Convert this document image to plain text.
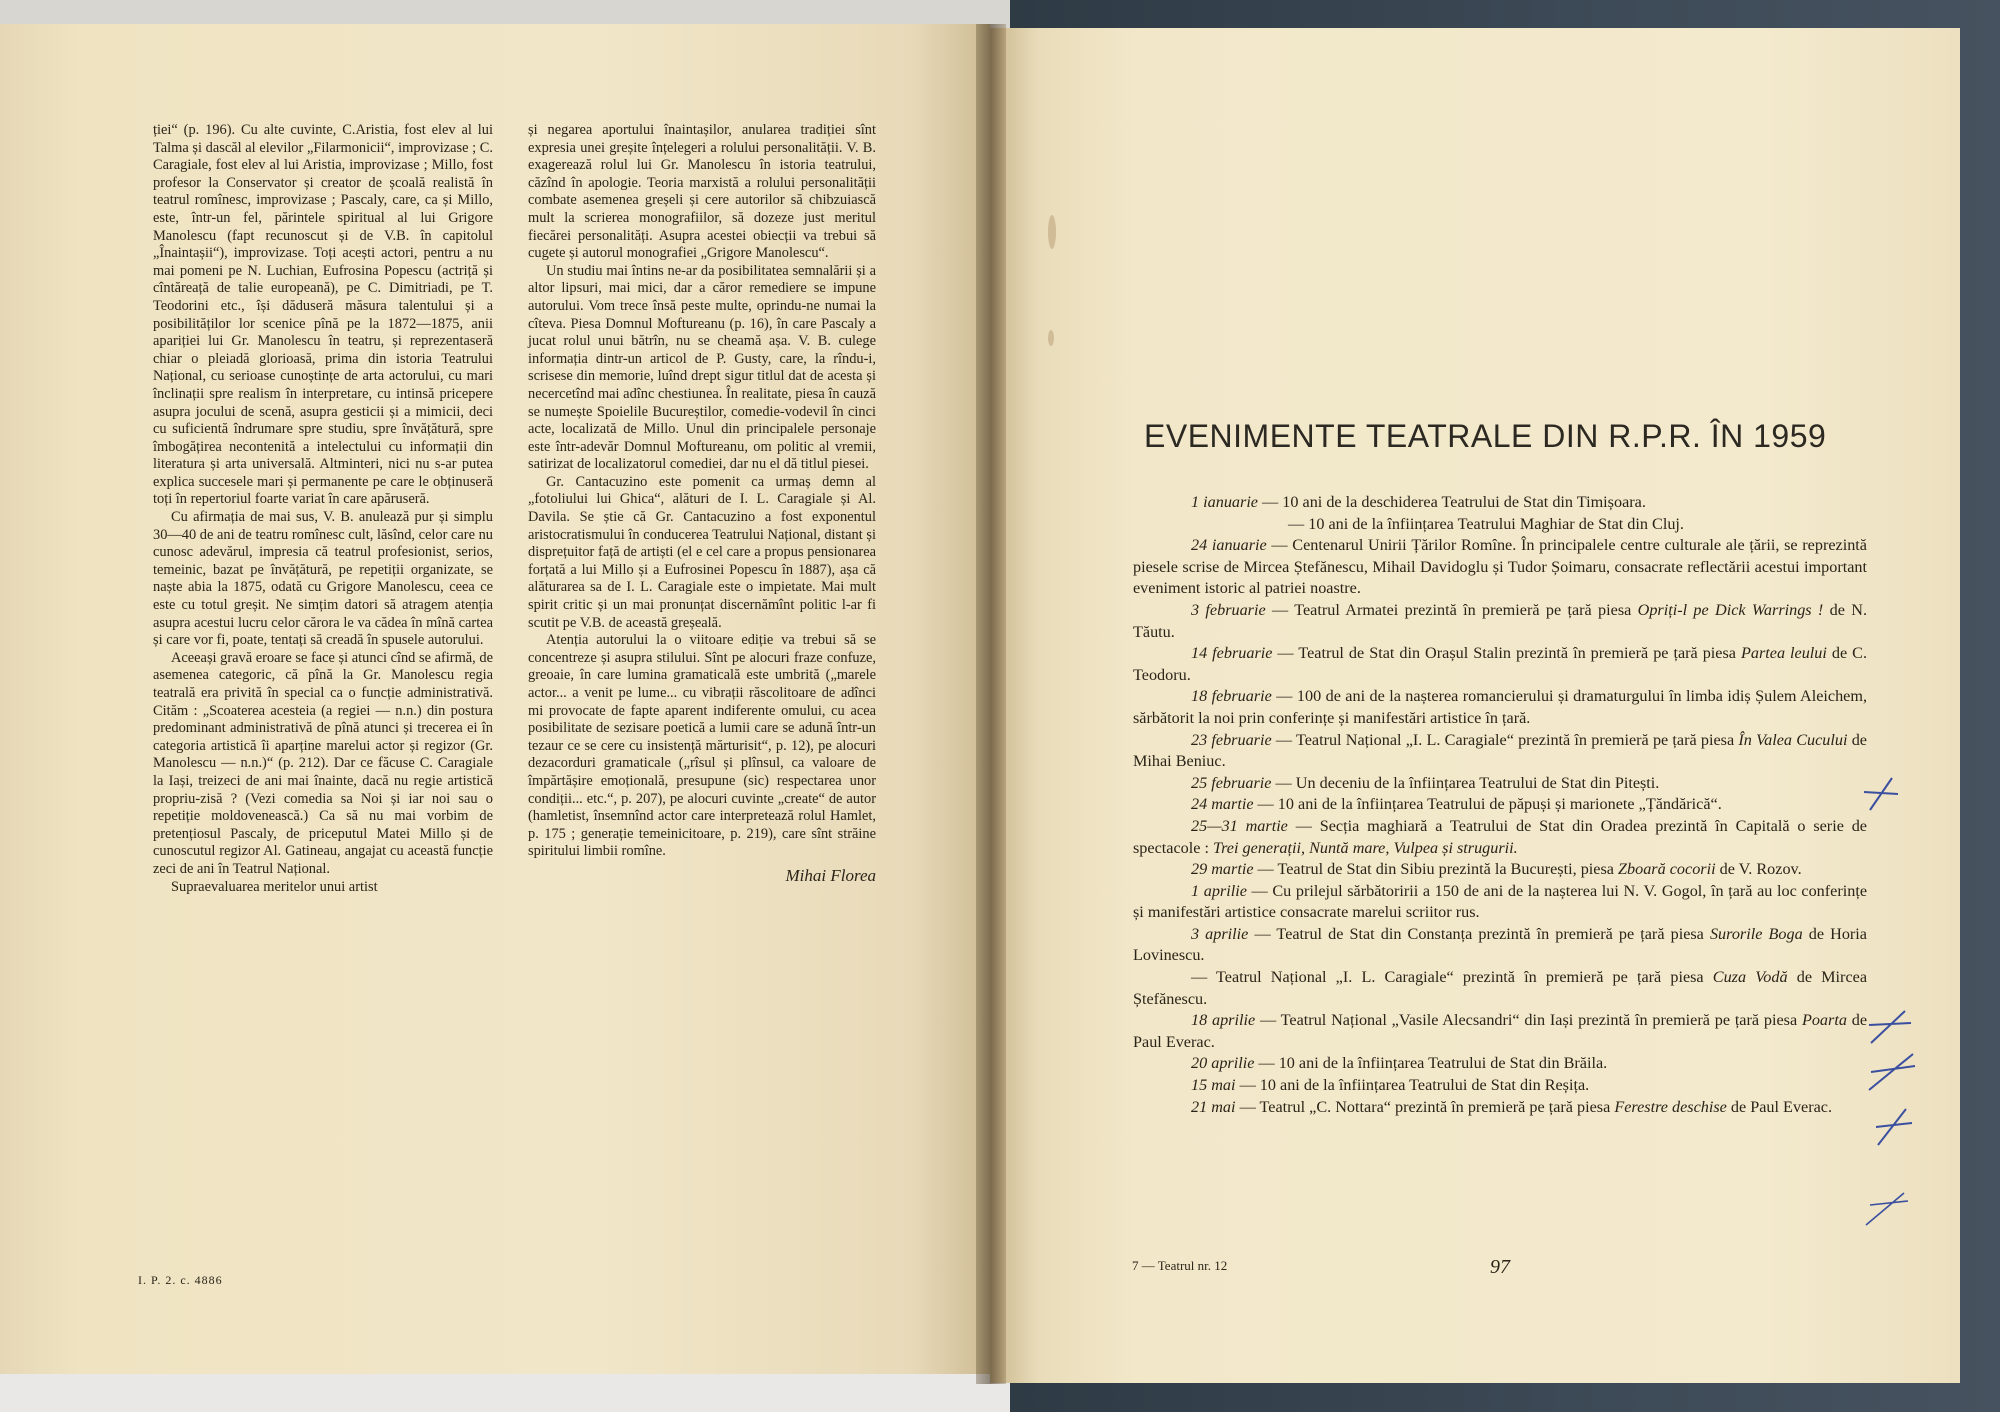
ției“ (p. 196). Cu alte cuvinte, C.Aristia, fost elev al lui Talma și dascăl al elevilor „Filarmonicii“, improvizase ; C. Caragiale, fost elev al lui Aristia, improvizase ; Millo, fost profesor la Conservator și creator de școală realistă în teatrul romînesc, improvizase ; Pascaly, care, ca și Millo, este, într-un fel, părintele spiritual al lui Grigore Manolescu (fapt recunoscut și de V.B. în capitolul „Înaintașii“), improvizase. Toți acești actori, pentru a nu mai pomeni pe N. Luchian, Eufrosina Popescu (actriță și cîntăreață de talie europeană), pe C. Dimitriadi, pe T. Teodorini etc., își dăduseră măsura talentului și a posibilităților lor scenice pînă pe la 1872—1875, anii apariției lui Gr. Manolescu în teatru, și reprezentaseră chiar o pleiadă glorioasă, prima din istoria Teatrului Național, cu serioase cunoștințe de arta actorului, cu mari înclinații spre realism în interpretare, cu intinsă pricepere asupra jocului de scenă, asupra gesticii și a mimicii, deci cu suficientă îndrumare spre studiu, spre învățătură, spre îmbogățirea necontenită a intelectului cu informații din literatura și arta universală. Altminteri, nici nu s-ar putea explica succesele mari și permanente pe care le obținuseră toți în repertoriul foarte variat în care apăruseră.

Cu afirmația de mai sus, V. B. anulează pur și simplu 30—40 de ani de teatru romînesc cult, lăsînd, celor care nu cunosc adevărul, impresia că teatrul profesionist, serios, temeinic, bazat pe învățătură, pe repetiții organizate, se naște abia la 1875, odată cu Grigore Manolescu, ceea ce este cu totul greșit. Ne simțim datori să atragem atenția asupra acestui lucru celor cărora le va cădea în mînă cartea și care vor fi, poate, tentați să creadă în spusele autorului.

Aceeași gravă eroare se face și atunci cînd se afirmă, de asemenea categoric, că pînă la Gr. Manolescu regia teatrală era privită în special ca o funcție administrativă. Cităm : „Scoaterea acesteia (a regiei — n.n.) din postura predominant administrativă de pînă atunci și trecerea ei în categoria artistică îi aparține marelui actor și regizor (Gr. Manolescu — n.n.)“ (p. 212). Dar ce făcuse C. Caragiale la Iași, treizeci de ani mai înainte, dacă nu regie artistică propriu-zisă ? (Vezi comedia sa Noi și iar noi sau o repetiție moldovenească.) Ca să nu mai vorbim de pretențiosul Pascaly, de priceputul Matei Millo și de cunoscutul regizor Al. Gatineau, angajat cu această funcție zeci de ani în Teatrul Național.

Supraevaluarea meritelor unui artist

și negarea aportului înaintașilor, anularea tradiției sînt expresia unei greșite înțelegeri a rolului personalității. V. B. exagerează rolul lui Gr. Manolescu în istoria teatrului, căzînd în apologie. Teoria marxistă a rolului personalității combate asemenea greșeli și cere autorilor să chibzuiască mult la scrierea monografiilor, să dozeze just meritul fiecărei personalități. Asupra acestei obiecții va trebui să cugete și autorul monografiei „Grigore Manolescu“.

Un studiu mai întins ne-ar da posibilitatea semnalării și a altor lipsuri, mai mici, dar a căror remediere se impune autorului. Vom trece însă peste multe, oprindu-ne numai la cîteva. Piesa Domnul Moftureanu (p. 16), în care Pascaly a jucat rolul unui bătrîn, nu se cheamă așa. V. B. culege informația dintr-un articol de P. Gusty, care, la rîndu-i, scrisese din memorie, luînd drept sigur titlul dat de acesta și necercetînd mai adînc chestiunea. În realitate, piesa în cauză se numește Spoielile Bucureștilor, comedie-vodevil în cinci acte, localizată de Millo. Unul din principalele personaje este într-adevăr Domnul Moftureanu, om politic al vremii, satirizat de localizatorul comediei, dar nu el dă titlul piesei.

Gr. Cantacuzino este pomenit ca urmaș demn al „fotoliului lui Ghica“, alături de I. L. Caragiale și Al. Davila. Se știe că Gr. Cantacuzino a fost exponentul aristocratismului în conducerea Teatrului Național, distant și disprețuitor față de artiști (el e cel care a propus pensionarea forțată a lui Millo și a Eufrosinei Popescu în 1887), așa că alăturarea sa de I. L. Caragiale este o impietate. Mai mult spirit critic și un mai pronunțat discernămînt politic l-ar fi scutit pe V.B. de această greșeală.

Atenția autorului la o viitoare ediție va trebui să se concentreze și asupra stilului. Sînt pe alocuri fraze confuze, greoaie, în care lumina gramaticală este umbrită („marele actor... a venit pe lume... cu vibrații răscolitoare de adînci mi provocate de fapte aparent indiferente omului, cu acea posibilitate de sezisare poetică a lumii care se adună într-un tezaur ce se cere cu insistență mărturisit“, p. 12), pe alocuri dezacorduri gramaticale („rîsul și plînsul, ca valoare de împărtășire emoțională, presupune (sic) respectarea unor condiții... etc.“, p. 207), pe alocuri cuvinte „create“ de autor (hamletist, însemnînd actor care interpretează rolul Hamlet, p. 175 ; generație temeinicitoare, p. 219), care sînt străine spiritului limbii romîne.

Mihai Florea
I. P. 2. c. 4886
EVENIMENTE TEATRALE DIN R.P.R. ÎN 1959

1 ianuarie — 10 ani de la deschiderea Teatrului de Stat din Timișoara.

— 10 ani de la înființarea Teatrului Maghiar de Stat din Cluj.

24 ianuarie — Centenarul Unirii Țărilor Romîne. În principalele centre culturale ale țării, se reprezintă piesele scrise de Mircea Ștefănescu, Mihail Davidoglu și Tudor Șoimaru, consacrate reflectării acestui important eveniment istoric al patriei noastre.

3 februarie — Teatrul Armatei prezintă în premieră pe țară piesa Opriți-l pe Dick Warrings ! de N. Tăutu.

14 februarie — Teatrul de Stat din Orașul Stalin prezintă în premieră pe țară piesa Partea leului de C. Teodoru.

18 februarie — 100 de ani de la nașterea romancierului și dramaturgului în limba idiș Șulem Aleichem, sărbătorit la noi prin conferințe și manifestări artistice în țară.

23 februarie — Teatrul Național „I. L. Caragiale“ prezintă în premieră pe țară piesa În Valea Cucului de Mihai Beniuc.

25 februarie — Un deceniu de la înființarea Teatrului de Stat din Pitești.

24 martie — 10 ani de la înființarea Teatrului de păpuși și marionete „Țăndărică“.

25—31 martie — Secția maghiară a Teatrului de Stat din Oradea prezintă în Capitală o serie de spectacole : Trei generații, Nuntă mare, Vulpea și strugurii.

29 martie — Teatrul de Stat din Sibiu prezintă la București, piesa Zboară cocorii de V. Rozov.

1 aprilie — Cu prilejul sărbătoririi a 150 de ani de la nașterea lui N. V. Gogol, în țară au loc conferințe și manifestări artistice consacrate marelui scriitor rus.

3 aprilie — Teatrul de Stat din Constanța prezintă în premieră pe țară piesa Surorile Boga de Horia Lovinescu.

— Teatrul Național „I. L. Caragiale“ prezintă în premieră pe țară piesa Cuza Vodă de Mircea Ștefănescu.

18 aprilie — Teatrul Național „Vasile Alecsandri“ din Iași prezintă în premieră pe țară piesa Poarta de Paul Everac.

20 aprilie — 10 ani de la înființarea Teatrului de Stat din Brăila.

15 mai — 10 ani de la înființarea Teatrului de Stat din Reșița.

21 mai — Teatrul „C. Nottara“ prezintă în premieră pe țară piesa Ferestre deschise de Paul Everac.

7 — Teatrul nr. 12	97
